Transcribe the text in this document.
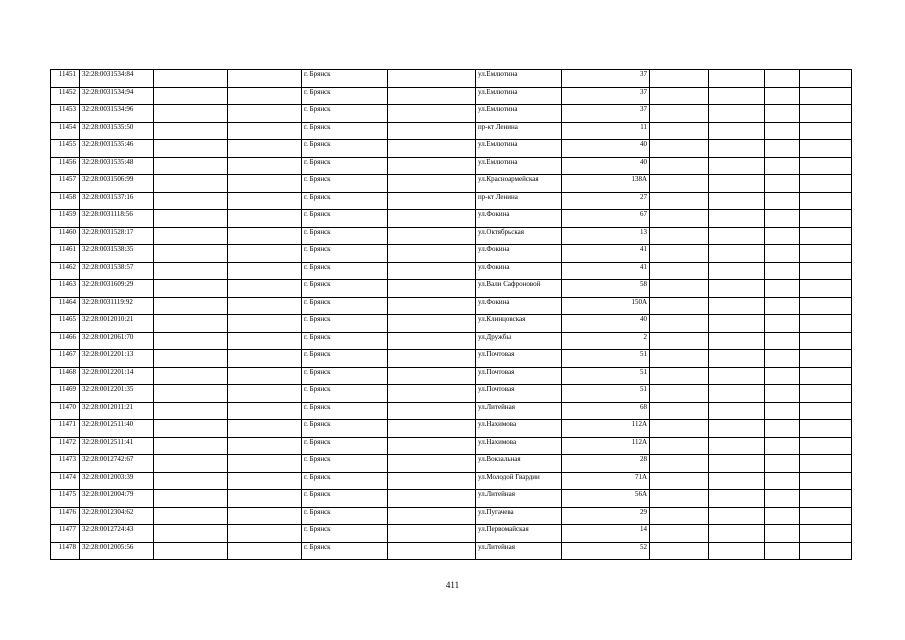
11451	32:28:0031534:84			г. Брянск		ул.Емлютина	37				
11452	32:28:0031534:94			г. Брянск		ул.Емлютина	37				
11453	32:28:0031534:96			г. Брянск		ул.Емлютина	37				
11454	32:28:0031535:50			г. Брянск		пр-кт Ленина	11				
11455	32:28:0031535:46			г. Брянск		ул.Емлютина	40				
11456	32:28:0031535:48			г. Брянск		ул.Емлютина	40				
11457	32:28:0031506:99			г. Брянск		ул.Красноармейская	138А				
11458	32:28:0031537:16			г. Брянск		пр-кт Ленина	27				
11459	32:28:0031118:56			г. Брянск		ул.Фокина	67				
11460	32:28:0031528:17			г. Брянск		ул.Октябрьская	13				
11461	32:28:0031538:35			г. Брянск		ул.Фокина	41				
11462	32:28:0031538:57			г. Брянск		ул.Фокина	41				
11463	32:28:0031609:29			г. Брянск		ул.Вали Сафроновой	58				
11464	32:28:0031119:92			г. Брянск		ул.Фокина	150А				
11465	32:28:0012010:21			г. Брянск		ул.Клинцовская	40				
11466	32:28:0012061:70			г. Брянск		ул.Дружбы	2				
11467	32:28:0012201:13			г. Брянск		ул.Почтовая	51				
11468	32:28:0012201:14			г. Брянск		ул.Почтовая	51				
11469	32:28:0012201:35			г. Брянск		ул.Почтовая	51				
11470	32:28:0012011:21			г. Брянск		ул.Литейная	68				
11471	32:28:0012511:40			г. Брянск		ул.Нахимова	112А				
11472	32:28:0012511:41			г. Брянск		ул.Нахимова	112А				
11473	32:28:0012742:67			г. Брянск		ул.Вокзальная	28				
11474	32:28:0012003:39			г. Брянск		ул.Молодой Гвардии	71А				
11475	32:28:0012004:79			г. Брянск		ул.Литейная	56А				
11476	32:28:0012304:62			г. Брянск		ул.Пугачева	29				
11477	32:28:0012724:43			г. Брянск		ул.Первомайская	14				
11478	32:28:0012005:56			г. Брянск		ул.Литейная	52				
411
